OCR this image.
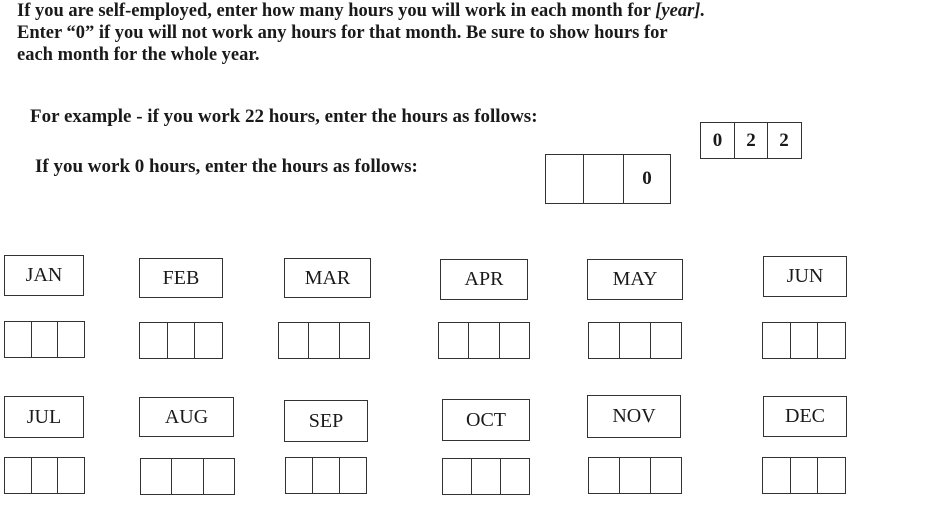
If you are self-employed, enter how many hours you will work in each month for [year].
Enter “0” if you will not work any hours for that month. Be sure to show hours for
each month for the whole year.

For example - if you work 22 hours, enter the hours as follows:

0	2	2

If you work 0 hours, enter the hours as follows:

0
JAN	FEB	MAR	APR	MAY	JUN
JUL	AUG	SEP	OCT	NOV	DEC
